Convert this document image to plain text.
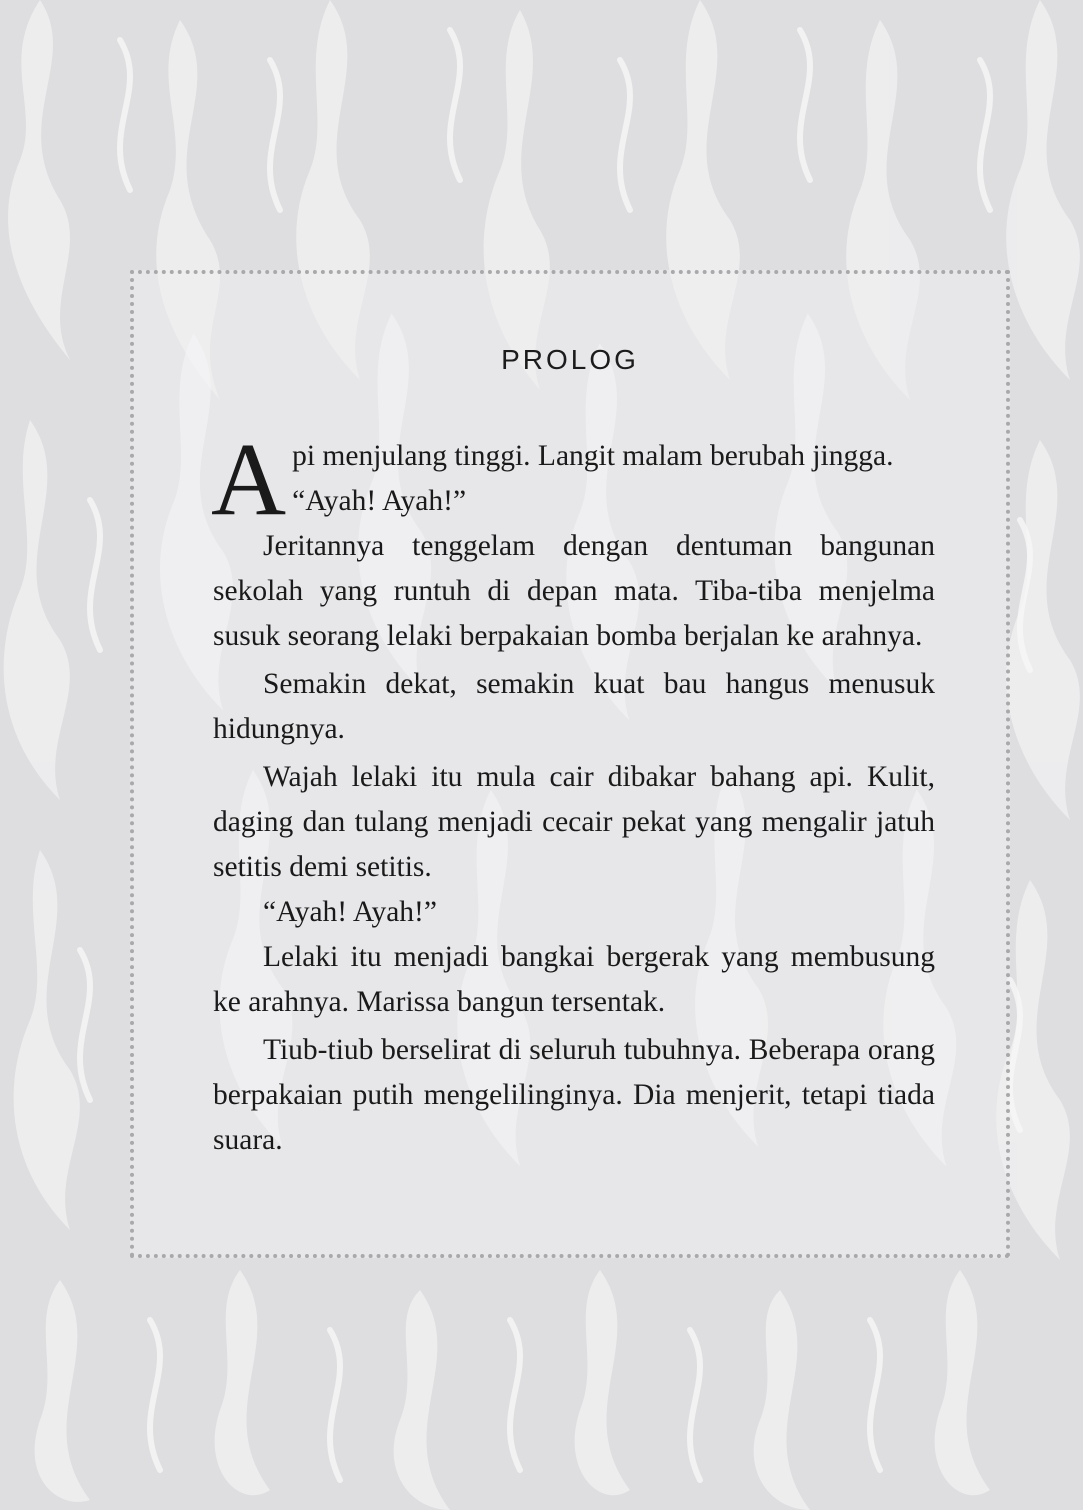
PROLOG

Api menjulang tinggi. Langit malam berubah jingga.
“Ayah! Ayah!”

Jeritannya tenggelam dengan dentuman bangunan sekolah yang runtuh di depan mata. Tiba-tiba menjelma susuk seorang lelaki berpakaian bomba berjalan ke arahnya.

Semakin dekat, semakin kuat bau hangus menusuk hidungnya.

Wajah lelaki itu mula cair dibakar bahang api. Kulit, daging dan tulang menjadi cecair pekat yang mengalir jatuh setitis demi setitis.

“Ayah! Ayah!”

Lelaki itu menjadi bangkai bergerak yang membusung ke arahnya. Marissa bangun tersentak.

Tiub-tiub berselirat di seluruh tubuhnya. Beberapa orang berpakaian putih mengelilinginya. Dia menjerit, tetapi tiada suara.
